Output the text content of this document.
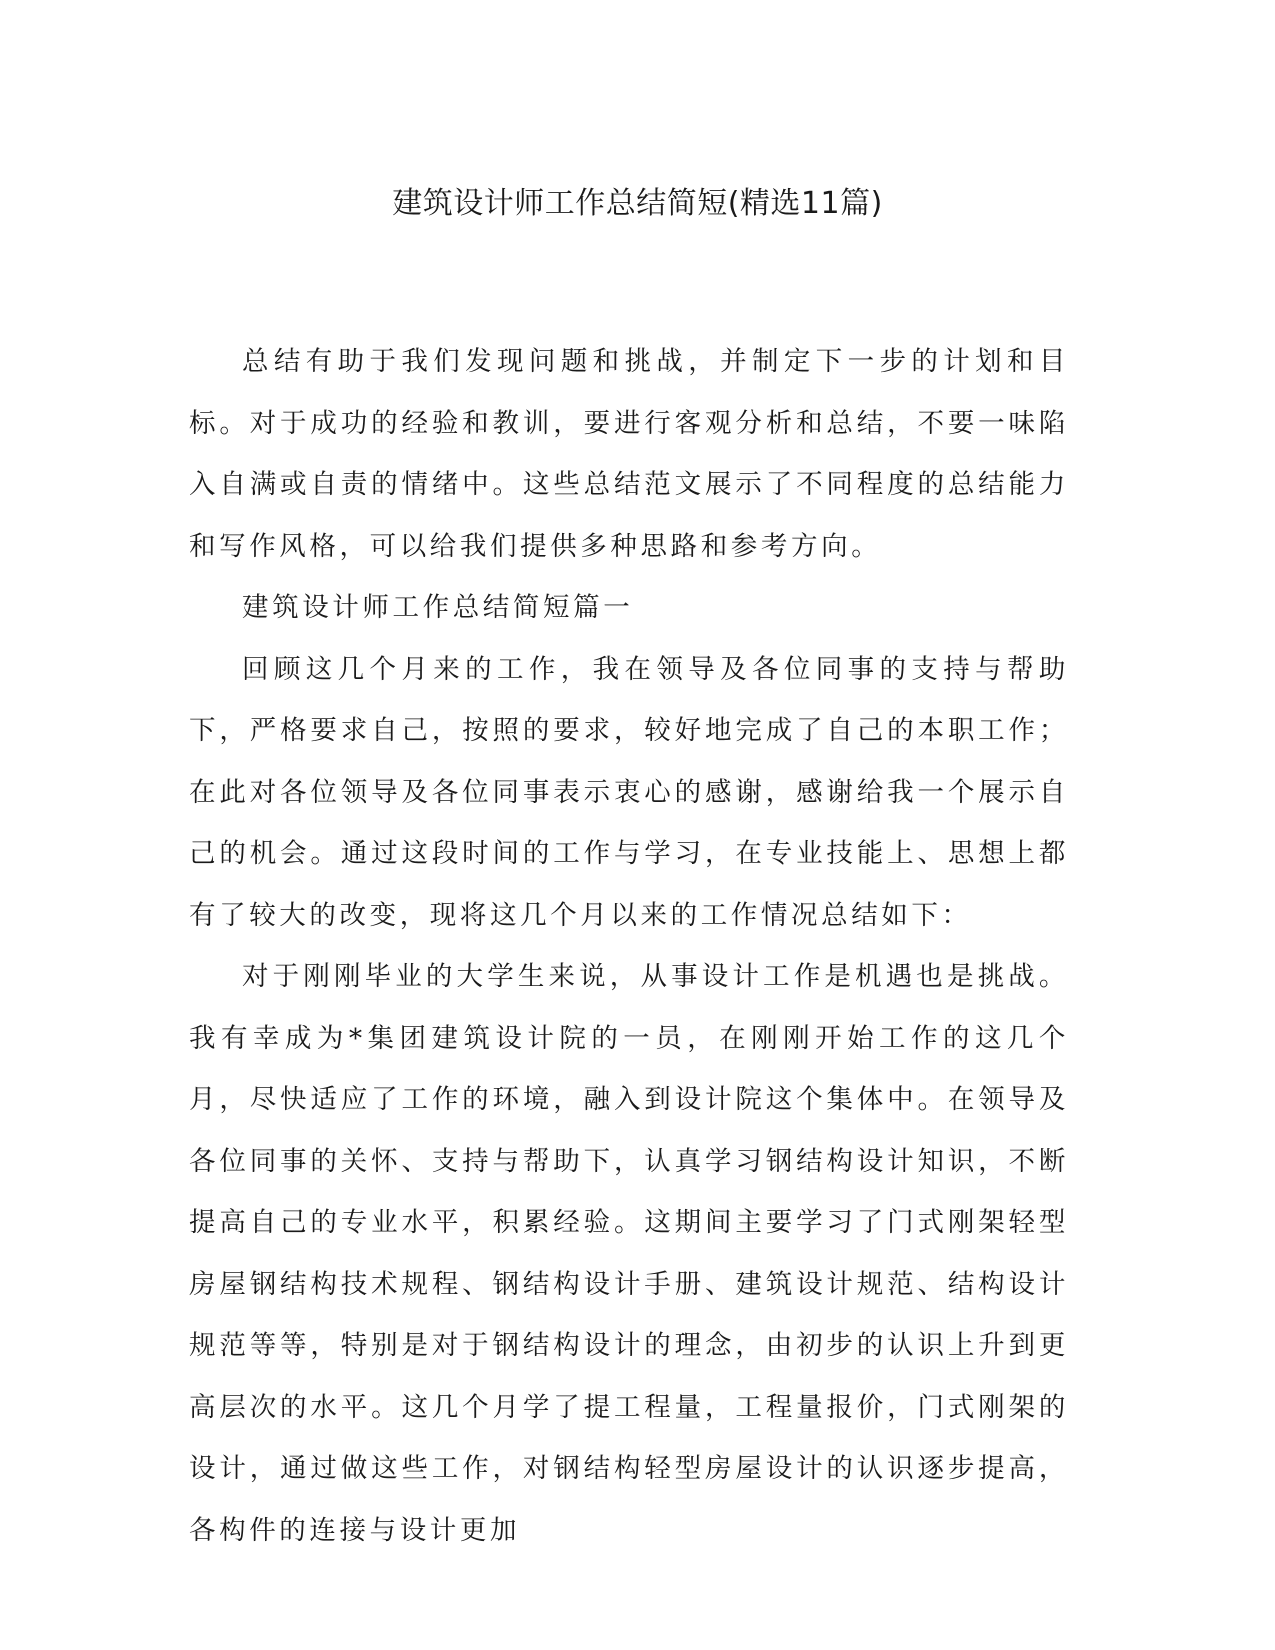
建筑设计师工作总结简短(精选11篇)

总结有助于我们发现问题和挑战，并制定下一步的计划和目标。对于成功的经验和教训，要进行客观分析和总结，不要一味陷入自满或自责的情绪中。这些总结范文展示了不同程度的总结能力和写作风格，可以给我们提供多种思路和参考方向。

建筑设计师工作总结简短篇一

回顾这几个月来的工作，我在领导及各位同事的支持与帮助下，严格要求自己，按照的要求，较好地完成了自己的本职工作；在此对各位领导及各位同事表示衷心的感谢，感谢给我一个展示自己的机会。通过这段时间的工作与学习，在专业技能上、思想上都有了较大的改变，现将这几个月以来的工作情况总结如下：

对于刚刚毕业的大学生来说，从事设计工作是机遇也是挑战。我有幸成为*集团建筑设计院的一员，在刚刚开始工作的这几个月，尽快适应了工作的环境，融入到设计院这个集体中。在领导及各位同事的关怀、支持与帮助下，认真学习钢结构设计知识，不断提高自己的专业水平，积累经验。这期间主要学习了门式刚架轻型房屋钢结构技术规程、钢结构设计手册、建筑设计规范、结构设计规范等等，特别是对于钢结构设计的理念，由初步的认识上升到更高层次的水平。这几个月学了提工程量，工程量报价，门式刚架的设计，通过做这些工作，对钢结构轻型房屋设计的认识逐步提高，各构件的连接与设计更加
